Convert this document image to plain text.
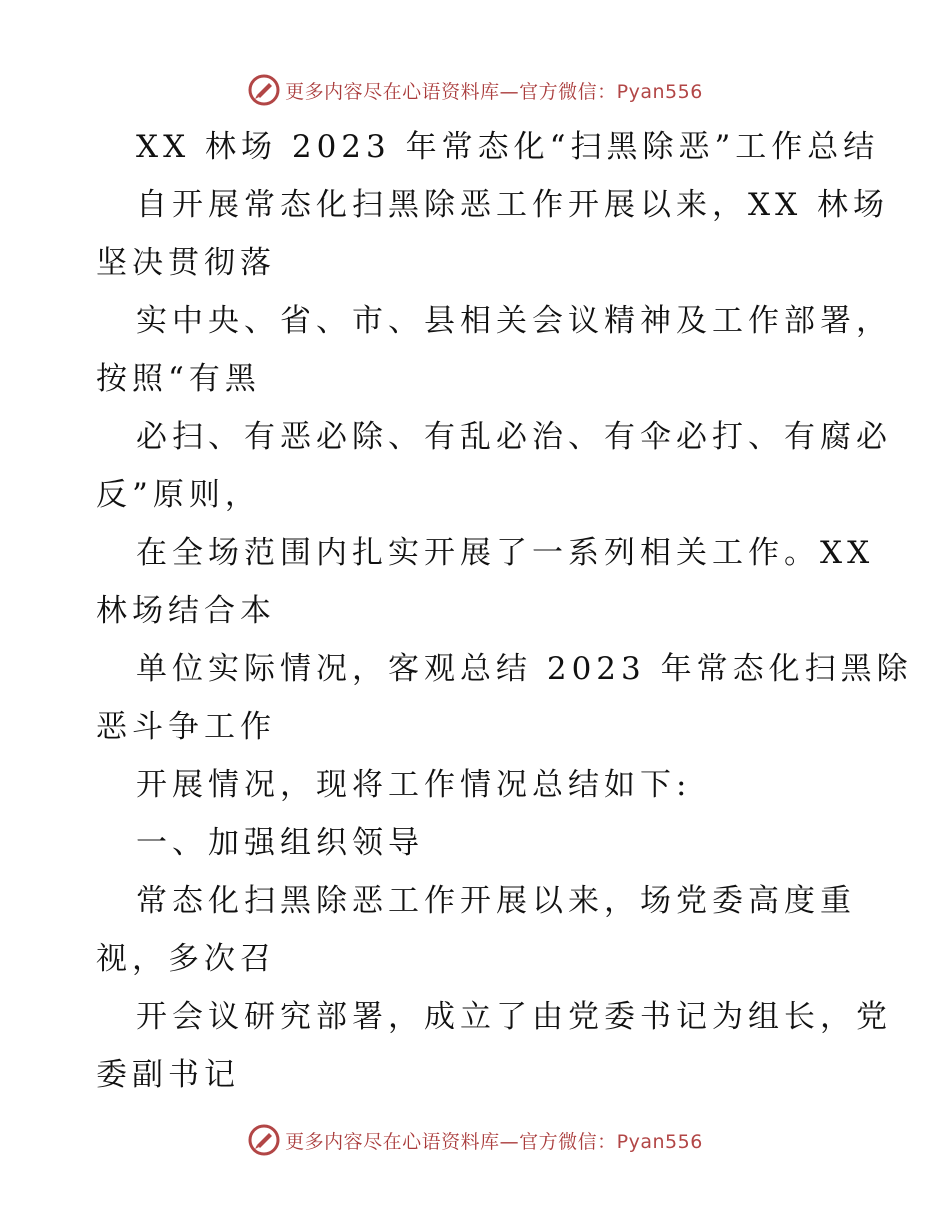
更多内容尽在心语资料库—官方微信：Pyan556
XX 林场 2023 年常态化“扫黑除恶”工作总结
自开展常态化扫黑除恶工作开展以来，XX 林场
坚决贯彻落
实中央、省、市、县相关会议精神及工作部署，
按照“有黑
必扫、有恶必除、有乱必治、有伞必打、有腐必
反”原则，
在全场范围内扎实开展了一系列相关工作。XX
林场结合本
单位实际情况，客观总结 2023 年常态化扫黑除
恶斗争工作
开展情况，现将工作情况总结如下:
一、加强组织领导
常态化扫黑除恶工作开展以来，场党委高度重
视，多次召
开会议研究部署，成立了由党委书记为组长，党
委副书记
更多内容尽在心语资料库—官方微信：Pyan556
